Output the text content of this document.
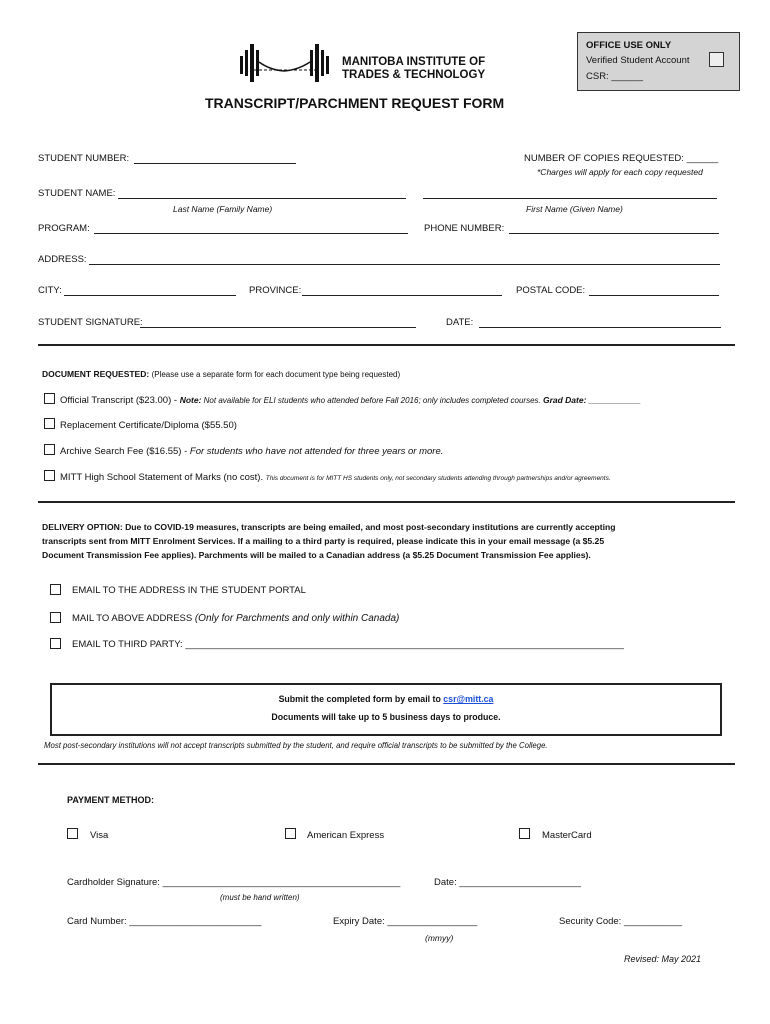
OFFICE USE ONLY
Verified Student Account
CSR: ______
MANITOBA INSTITUTE OF
TRADES & TECHNOLOGY
TRANSCRIPT/PARCHMENT REQUEST FORM
STUDENT NUMBER:	NUMBER OF COPIES REQUESTED: ______
*Charges will apply for each copy requested
STUDENT NAME:
Last Name (Family Name)	First Name (Given Name)
PROGRAM:	PHONE NUMBER:
ADDRESS:
CITY:	PROVINCE:	POSTAL CODE:
STUDENT SIGNATURE:	DATE:
DOCUMENT REQUESTED: (Please use a separate form for each document type being requested)
Official Transcript ($23.00) - Note: Not available for ELI students who attended before Fall 2016; only includes completed courses. Grad Date: ___________
Replacement Certificate/Diploma ($55.50)
Archive Search Fee ($16.55) - For students who have not attended for three years or more.
MITT High School Statement of Marks (no cost). This document is for MITT HS students only, not secondary students attending through partnerships and/or agreements.
DELIVERY OPTION: Due to COVID-19 measures, transcripts are being emailed, and most post-secondary institutions are currently accepting
transcripts sent from MITT Enrolment Services. If a mailing to a third party is required, please indicate this in your email message (a $5.25
Document Transmission Fee applies). Parchments will be mailed to a Canadian address (a $5.25 Document Transmission Fee applies).
EMAIL TO THE ADDRESS IN THE STUDENT PORTAL
MAIL TO ABOVE ADDRESS (Only for Parchments and only within Canada)
EMAIL TO THIRD PARTY: ___________________________________________________________________________________
Submit the completed form by email to csr@mitt.ca
Documents will take up to 5 business days to produce.
Most post-secondary institutions will not accept transcripts submitted by the student, and require official transcripts to be submitted by the College.
PAYMENT METHOD:
Visa	American Express	MasterCard
Cardholder Signature: _____________________________________________	Date: _______________________
(must be hand written)
Card Number: _________________________	Expiry Date: _________________	Security Code: ___________
(mmyy)
Revised: May 2021
